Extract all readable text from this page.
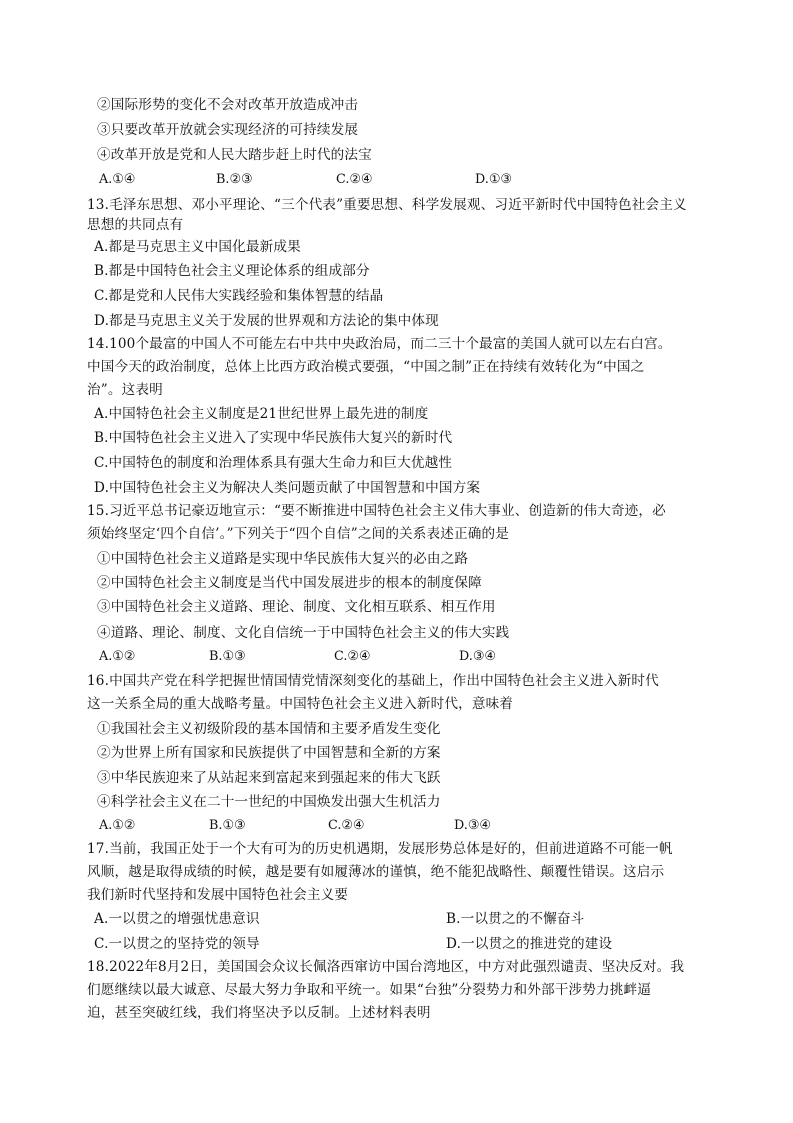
②国际形势的变化不会对改革开放造成冲击
③只要改革开放就会实现经济的可持续发展
④改革开放是党和人民大踏步赶上时代的法宝
A.①④	B.②③	C.②④	D.①③
13.毛泽东思想、邓小平理论、“三个代表”重要思想、科学发展观、习近平新时代中国特色社会主义
思想的共同点有
A.都是马克思主义中国化最新成果
B.都是中国特色社会主义理论体系的组成部分
C.都是党和人民伟大实践经验和集体智慧的结晶
D.都是马克思主义关于发展的世界观和方法论的集中体现
14.100个最富的中国人不可能左右中共中央政治局，而二三十个最富的美国人就可以左右白宫。
中国今天的政治制度，总体上比西方政治模式要强，“中国之制”正在持续有效转化为“中国之
治”。这表明
A.中国特色社会主义制度是21世纪世界上最先进的制度
B.中国特色社会主义进入了实现中华民族伟大复兴的新时代
C.中国特色的制度和治理体系具有强大生命力和巨大优越性
D.中国特色社会主义为解决人类问题贡献了中国智慧和中国方案
15.习近平总书记豪迈地宣示：“要不断推进中国特色社会主义伟大事业、创造新的伟大奇迹，必
须始终坚定‘四个自信’。”下列关于“四个自信”之间的关系表述正确的是
①中国特色社会主义道路是实现中华民族伟大复兴的必由之路
②中国特色社会主义制度是当代中国发展进步的根本的制度保障
③中国特色社会主义道路、理论、制度、文化相互联系、相互作用
④道路、理论、制度、文化自信统一于中国特色社会主义的伟大实践
A.①②	B.①③	C.②④	D.③④
16.中国共产党在科学把握世情国情党情深刻变化的基础上，作出中国特色社会主义进入新时代
这一关系全局的重大战略考量。中国特色社会主义进入新时代，意味着
①我国社会主义初级阶段的基本国情和主要矛盾发生变化
②为世界上所有国家和民族提供了中国智慧和全新的方案
③中华民族迎来了从站起来到富起来到强起来的伟大飞跃
④科学社会主义在二十一世纪的中国焕发出强大生机活力
A.①②	B.①③	C.②④	D.③④
17.当前，我国正处于一个大有可为的历史机遇期，发展形势总体是好的，但前进道路不可能一帆
风顺，越是取得成绩的时候，越是要有如履薄冰的谨慎，绝不能犯战略性、颠覆性错误。这启示
我们新时代坚持和发展中国特色社会主义要
A.一以贯之的增强忧患意识	B.一以贯之的不懈奋斗
C.一以贯之的坚持党的领导	D.一以贯之的推进党的建设
18.2022年8月2日，美国国会众议长佩洛西窜访中国台湾地区，中方对此强烈谴责、坚决反对。我
们愿继续以最大诚意、尽最大努力争取和平统一。如果“台独”分裂势力和外部干涉势力挑衅逼
迫，甚至突破红线，我们将坚决予以反制。上述材料表明
